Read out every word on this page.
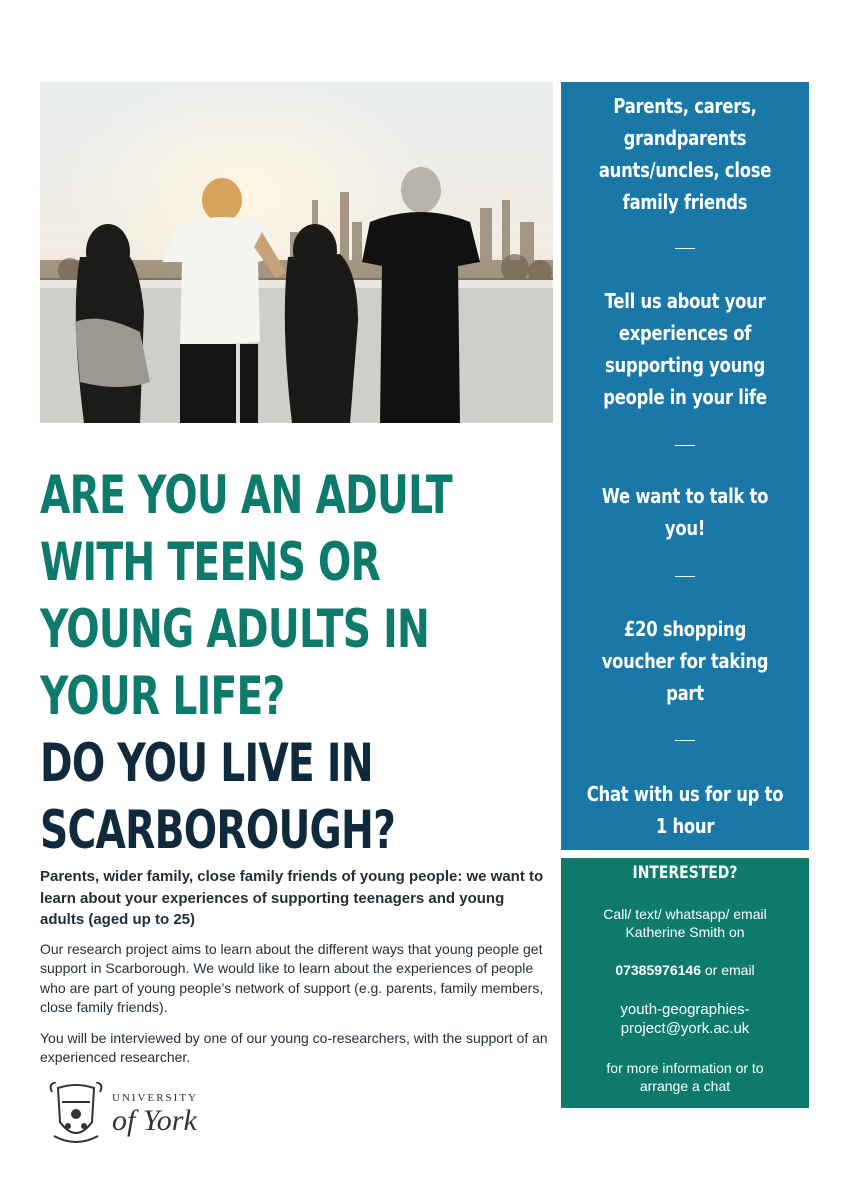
ARE YOU AN ADULT
WITH TEENS OR
YOUNG ADULTS IN
YOUR LIFE?
DO YOU LIVE IN
SCARBOROUGH?

Parents, wider family, close family friends of young people: we want to learn about your experiences of supporting teenagers and young adults (aged up to 25)

Our research project aims to learn about the different ways that young people get support in Scarborough. We would like to learn about the experiences of people who are part of young people’s network of support (e.g. parents, family members, close family friends).

You will be interviewed by one of our young co-researchers, with the support of an experienced researcher.

UNIVERSITY
of York
Parents, carers,
grandparents
aunts/uncles, close
family friends
Tell us about your
experiences of
supporting young
people in your life
We want to talk to
you!
£20 shopping
voucher for taking
part
Chat with us for up to
1 hour
INTERESTED?
Call/ text/ whatsapp/ email
Katherine Smith on
07385976146 or email
youth-geographies-
project@york.ac.uk
for more information or to
arrange a chat
